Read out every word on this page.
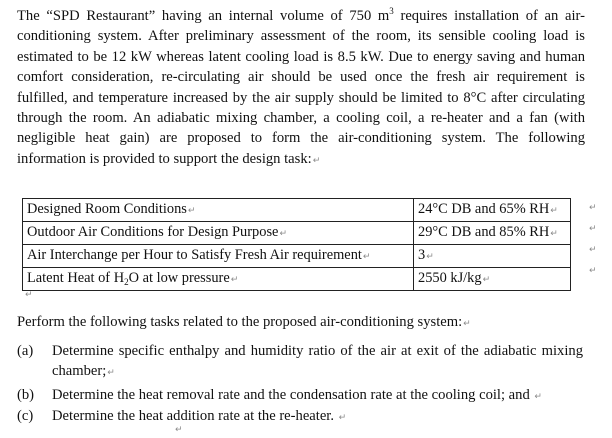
The “SPD Restaurant” having an internal volume of 750 $m^3$ requires installation of an air-conditioning system. After preliminary assessment of the room, its sensible cooling load is estimated to be 12 kW whereas latent cooling load is 8.5 kW. Due to energy saving and human comfort consideration, re-circulating air should be used once the fresh air requirement is fulfilled, and temperature increased by the air supply should be limited to 8°C after circulating through the room. An adiabatic mixing chamber, a cooling coil, a re-heater and a fan (with negligible heat gain) are proposed to form the air-conditioning system. The following information is provided to support the design task:↵
Designed Room Conditions↵	24°C DB and 65% RH↵
Outdoor Air Conditions for Design Purpose↵	29°C DB and 85% RH↵
Air Interchange per Hour to Satisfy Fresh Air requirement↵	3↵
Latent Heat of $H_2O$ at low pressure↵	2550 kJ/kg↵
↵
↵
↵
↵
↵
Perform the following tasks related to the proposed air-conditioning system:↵
(a) Determine specific enthalpy and humidity ratio of the air at exit of the adiabatic mixing chamber;↵
(b) Determine the heat removal rate and the condensation rate at the cooling coil; and ↵
(c) Determine the heat addition rate at the re-heater. ↵
↵
